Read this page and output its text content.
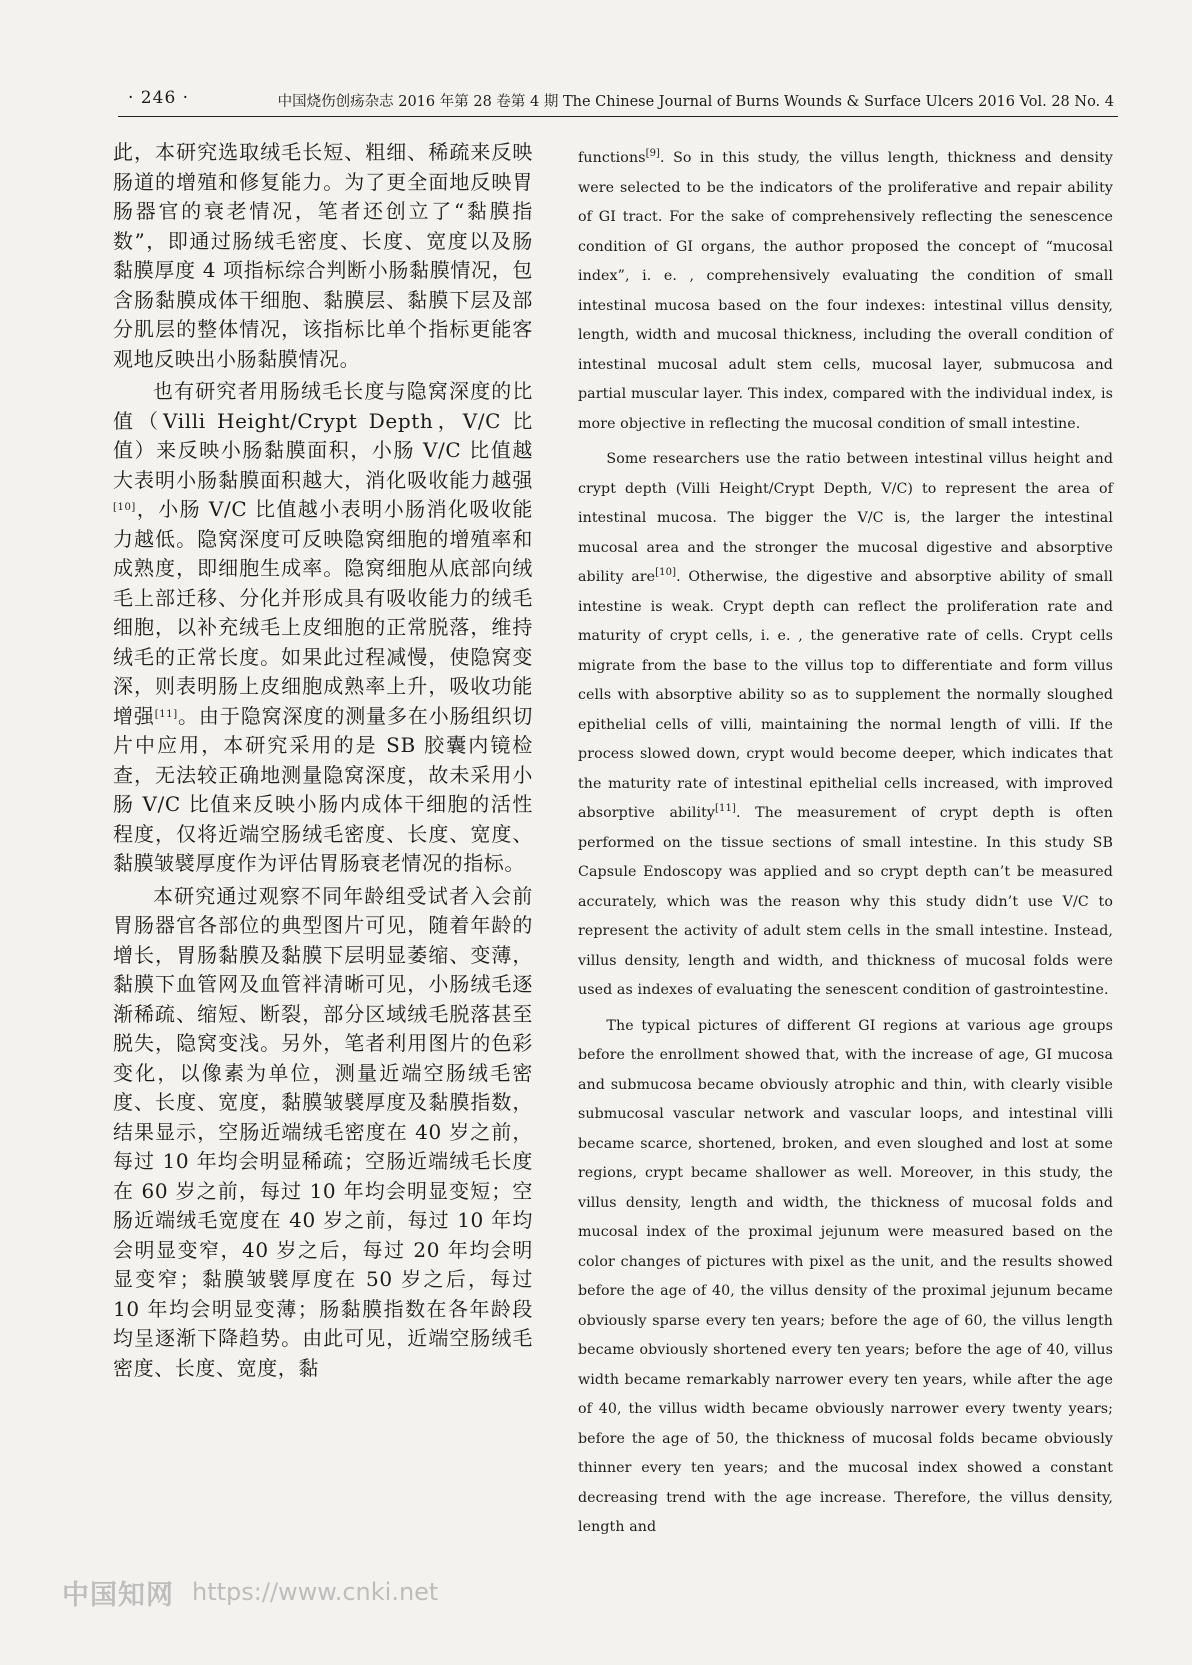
· 246 ·	中国烧伤创疡杂志 2016 年第 28 卷第 4 期 The Chinese Journal of Burns Wounds & Surface Ulcers 2016 Vol. 28 No. 4

此，本研究选取绒毛长短、粗细、稀疏来反映肠道的增殖和修复能力。为了更全面地反映胃肠器官的衰老情况，笔者还创立了“黏膜指数”，即通过肠绒毛密度、长度、宽度以及肠黏膜厚度 4 项指标综合判断小肠黏膜情况，包含肠黏膜成体干细胞、黏膜层、黏膜下层及部分肌层的整体情况，该指标比单个指标更能客观地反映出小肠黏膜情况。

也有研究者用肠绒毛长度与隐窝深度的比值（Villi Height/Crypt Depth，V/C 比值）来反映小肠黏膜面积，小肠 V/C 比值越大表明小肠黏膜面积越大，消化吸收能力越强[10]，小肠 V/C 比值越小表明小肠消化吸收能力越低。隐窝深度可反映隐窝细胞的增殖率和成熟度，即细胞生成率。隐窝细胞从底部向绒毛上部迁移、分化并形成具有吸收能力的绒毛细胞，以补充绒毛上皮细胞的正常脱落，维持绒毛的正常长度。如果此过程减慢，使隐窝变深，则表明肠上皮细胞成熟率上升，吸收功能增强[11]。由于隐窝深度的测量多在小肠组织切片中应用，本研究采用的是 SB 胶囊内镜检查，无法较正确地测量隐窝深度，故未采用小肠 V/C 比值来反映小肠内成体干细胞的活性程度，仅将近端空肠绒毛密度、长度、宽度、黏膜皱襞厚度作为评估胃肠衰老情况的指标。

本研究通过观察不同年龄组受试者入会前胃肠器官各部位的典型图片可见，随着年龄的增长，胃肠黏膜及黏膜下层明显萎缩、变薄，黏膜下血管网及血管袢清晰可见，小肠绒毛逐渐稀疏、缩短、断裂，部分区域绒毛脱落甚至脱失，隐窝变浅。另外，笔者利用图片的色彩变化，以像素为单位，测量近端空肠绒毛密度、长度、宽度，黏膜皱襞厚度及黏膜指数，结果显示，空肠近端绒毛密度在 40 岁之前，每过 10 年均会明显稀疏；空肠近端绒毛长度在 60 岁之前，每过 10 年均会明显变短；空肠近端绒毛宽度在 40 岁之前，每过 10 年均会明显变窄，40 岁之后，每过 20 年均会明显变窄；黏膜皱襞厚度在 50 岁之后，每过 10 年均会明显变薄；肠黏膜指数在各年龄段均呈逐渐下降趋势。由此可见，近端空肠绒毛密度、长度、宽度，黏

functions[9]. So in this study, the villus length, thickness and density were selected to be the indicators of the proliferative and repair ability of GI tract. For the sake of comprehensively reflecting the senescence condition of GI organs, the author proposed the concept of “mucosal index”, i. e. , comprehensively evaluating the condition of small intestinal mucosa based on the four indexes: intestinal villus density, length, width and mucosal thickness, including the overall condition of intestinal mucosal adult stem cells, mucosal layer, submucosa and partial muscular layer. This index, compared with the individual index, is more objective in reflecting the mucosal condition of small intestine.

Some researchers use the ratio between intestinal villus height and crypt depth (Villi Height/Crypt Depth, V/C) to represent the area of intestinal mucosa. The bigger the V/C is, the larger the intestinal mucosal area and the stronger the mucosal digestive and absorptive ability are[10]. Otherwise, the digestive and absorptive ability of small intestine is weak. Crypt depth can reflect the proliferation rate and maturity of crypt cells, i. e. , the generative rate of cells. Crypt cells migrate from the base to the villus top to differentiate and form villus cells with absorptive ability so as to supplement the normally sloughed epithelial cells of villi, maintaining the normal length of villi. If the process slowed down, crypt would become deeper, which indicates that the maturity rate of intestinal epithelial cells increased, with improved absorptive ability[11]. The measurement of crypt depth is often performed on the tissue sections of small intestine. In this study SB Capsule Endoscopy was applied and so crypt depth can’t be measured accurately, which was the reason why this study didn’t use V/C to represent the activity of adult stem cells in the small intestine. Instead, villus density, length and width, and thickness of mucosal folds were used as indexes of evaluating the senescent condition of gastrointestine.

The typical pictures of different GI regions at various age groups before the enrollment showed that, with the increase of age, GI mucosa and submucosa became obviously atrophic and thin, with clearly visible submucosal vascular network and vascular loops, and intestinal villi became scarce, shortened, broken, and even sloughed and lost at some regions, crypt became shallower as well. Moreover, in this study, the villus density, length and width, the thickness of mucosal folds and mucosal index of the proximal jejunum were measured based on the color changes of pictures with pixel as the unit, and the results showed before the age of 40, the villus density of the proximal jejunum became obviously sparse every ten years; before the age of 60, the villus length became obviously shortened every ten years; before the age of 40, villus width became remarkably narrower every ten years, while after the age of 40, the villus width became obviously narrower every twenty years; before the age of 50, the thickness of mucosal folds became obviously thinner every ten years; and the mucosal index showed a constant decreasing trend with the age increase. Therefore, the villus density, length and

中国知网 https://www.cnki.net
